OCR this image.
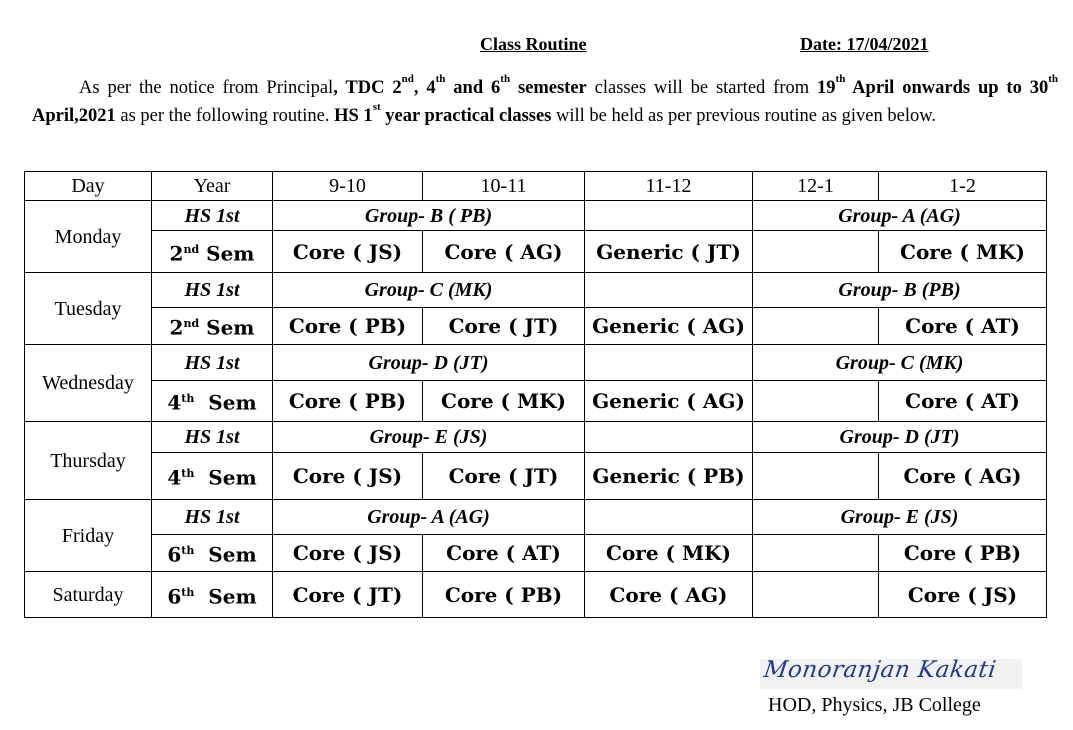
Class Routine	Date: 17/04/2021
As per the notice from Principal, TDC 2nd, 4th and 6th semester classes will be started from 19th April onwards up to 30th April,2021 as per the following routine. HS 1st year practical classes will be held as per previous routine as given below.
Day	Year	9-10	10-11	11-12	12-1	1-2
Monday	HS 1st	Group- B ( PB)			Group- A (AG)	
	2nd Sem	Core ( JS)	Core ( AG)	Generic ( JT)		Core ( MK)
Tuesday	HS 1st	Group- C (MK)			Group- B (PB)	
	2nd Sem	Core ( PB)	Core ( JT)	Generic ( AG)		Core ( AT)
Wednesday	HS 1st	Group- D (JT)			Group- C (MK)	
	4th Sem	Core ( PB)	Core ( MK)	Generic ( AG)		Core ( AT)
Thursday	HS 1st	Group- E (JS)			Group- D (JT)	
	4th Sem	Core ( JS)	Core ( JT)	Generic ( PB)		Core ( AG)
Friday	HS 1st	Group- A (AG)			Group- E (JS)	
	6th Sem	Core ( JS)	Core ( AT)	Core ( MK)		Core ( PB)
Saturday	6th Sem	Core ( JT)	Core ( PB)	Core ( AG)		Core ( JS)
Monoranjan Kakati
HOD, Physics, JB College
